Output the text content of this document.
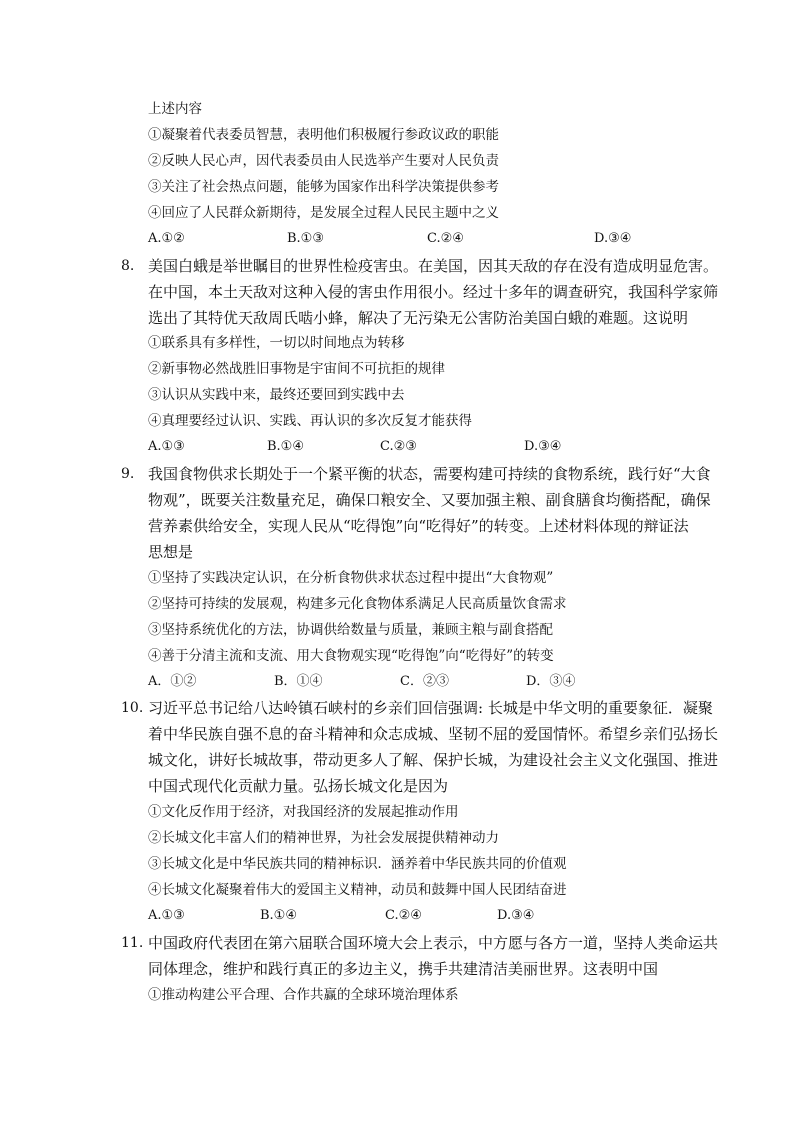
上述内容
①凝聚着代表委员智慧，表明他们积极履行参政议政的职能
②反映人民心声，因代表委员由人民选举产生要对人民负责
③关注了社会热点问题，能够为国家作出科学决策提供参考
④回应了人民群众新期待，是发展全过程人民民主题中之义
A.①②	B.①③	C.②④	D.③④
8. 美国白蛾是举世瞩目的世界性检疫害虫。在美国，因其天敌的存在没有造成明显危害。
在中国，本土天敌对这种入侵的害虫作用很小。经过十多年的调查研究，我国科学家筛
选出了其特优天敌周氏啮小蜂，解决了无污染无公害防治美国白蛾的难题。这说明
①联系具有多样性，一切以时间地点为转移
②新事物必然战胜旧事物是宇宙间不可抗拒的规律
③认识从实践中来，最终还要回到实践中去
④真理要经过认识、实践、再认识的多次反复才能获得
A.①③	B.①④	C.②③	D.③④
9. 我国食物供求长期处于一个紧平衡的状态，需要构建可持续的食物系统，践行好“大食
物观”，既要关注数量充足，确保口粮安全、又要加强主粮、副食膳食均衡搭配，确保
营养素供给安全，实现人民从“吃得饱”向“吃得好”的转变。上述材料体现的辩证法
思想是
①坚持了实践决定认识，在分析食物供求状态过程中提出“大食物观”
②坚持可持续的发展观，构建多元化食物体系满足人民高质量饮食需求
③坚持系统优化的方法，协调供给数量与质量，兼顾主粮与副食搭配
④善于分清主流和支流、用大食物观实现“吃得饱”向“吃得好”的转变
A．①②	B．①④	C．②③	D．③④
10. 习近平总书记给八达岭镇石峡村的乡亲们回信强调: 长城是中华文明的重要象征．凝聚
着中华民族自强不息的奋斗精神和众志成城、坚韧不屈的爱国情怀。希望乡亲们弘扬长
城文化，讲好长城故事，带动更多人了解、保护长城，为建设社会主义文化强国、推进
中国式现代化贡献力量。弘扬长城文化是因为
①文化反作用于经济，对我国经济的发展起推动作用
②长城文化丰富人们的精神世界，为社会发展提供精神动力
③长城文化是中华民族共同的精神标识．涵养着中华民族共同的价值观
④长城文化凝聚着伟大的爱国主义精神，动员和鼓舞中国人民团结奋进
A.①③	B.①④	C.②④	D.③④
11. 中国政府代表团在第六届联合国环境大会上表示，中方愿与各方一道，坚持人类命运共
同体理念，维护和践行真正的多边主义，携手共建清洁美丽世界。这表明中国
①推动构建公平合理、合作共赢的全球环境治理体系
